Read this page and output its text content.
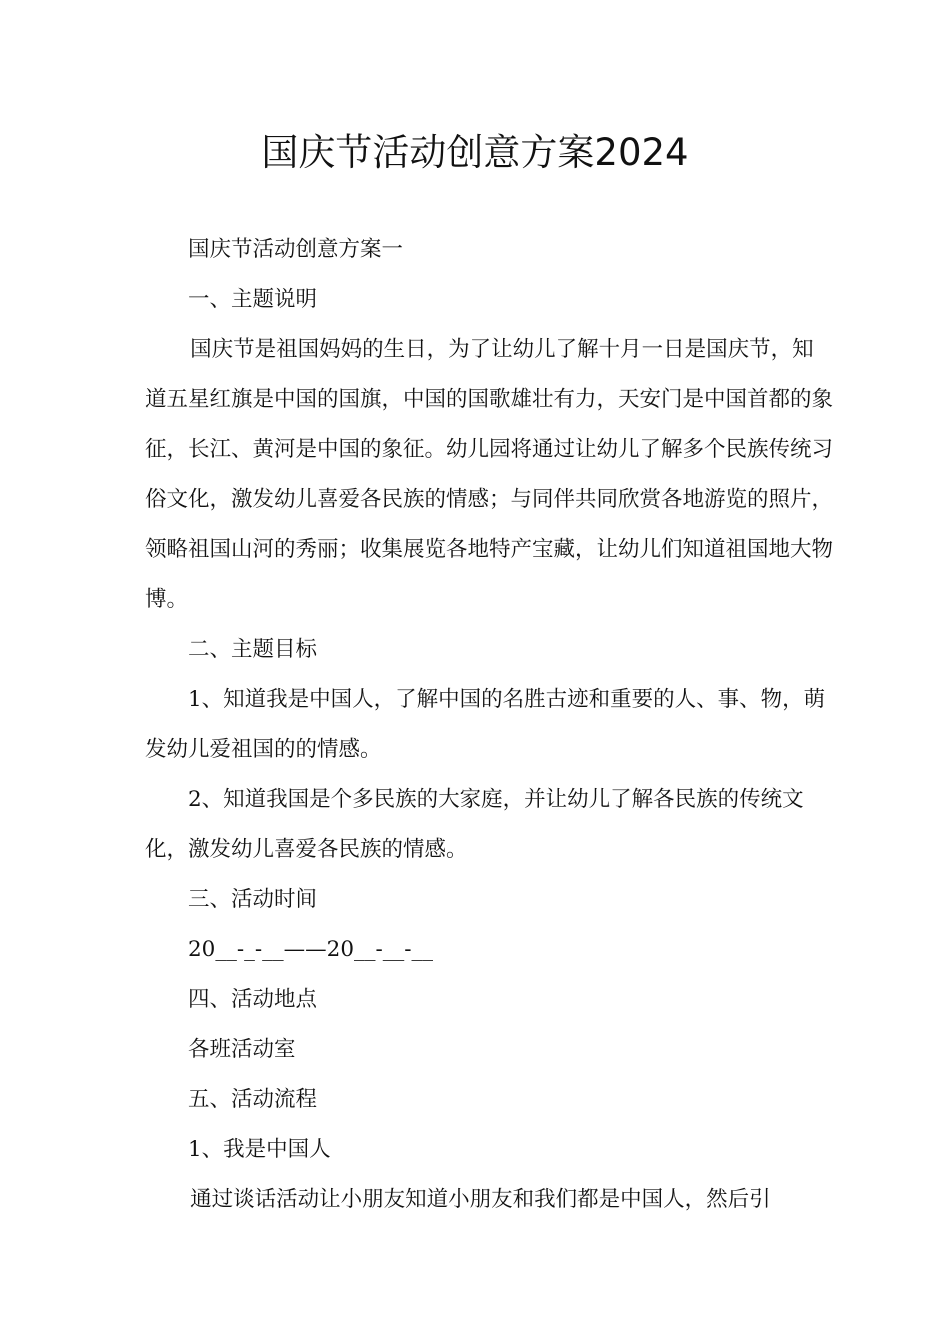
国庆节活动创意方案2024

国庆节活动创意方案一

一、主题说明

国庆节是祖国妈妈的生日，为了让幼儿了解十月一日是国庆节，知道五星红旗是中国的国旗，中国的国歌雄壮有力，天安门是中国首都的象征，长江、黄河是中国的象征。幼儿园将通过让幼儿了解多个民族传统习俗文化，激发幼儿喜爱各民族的情感；与同伴共同欣赏各地游览的照片，领略祖国山河的秀丽；收集展览各地特产宝藏，让幼儿们知道祖国地大物博。

二、主题目标

1、知道我是中国人，了解中国的名胜古迹和重要的人、事、物，萌发幼儿爱祖国的的情感。

2、知道我国是个多民族的大家庭，并让幼儿了解各民族的传统文化，激发幼儿喜爱各民族的情感。

三、活动时间

20__-_-__——20__-__-__

四、活动地点

各班活动室

五、活动流程

1、我是中国人

通过谈话活动让小朋友知道小朋友和我们都是中国人，然后引
